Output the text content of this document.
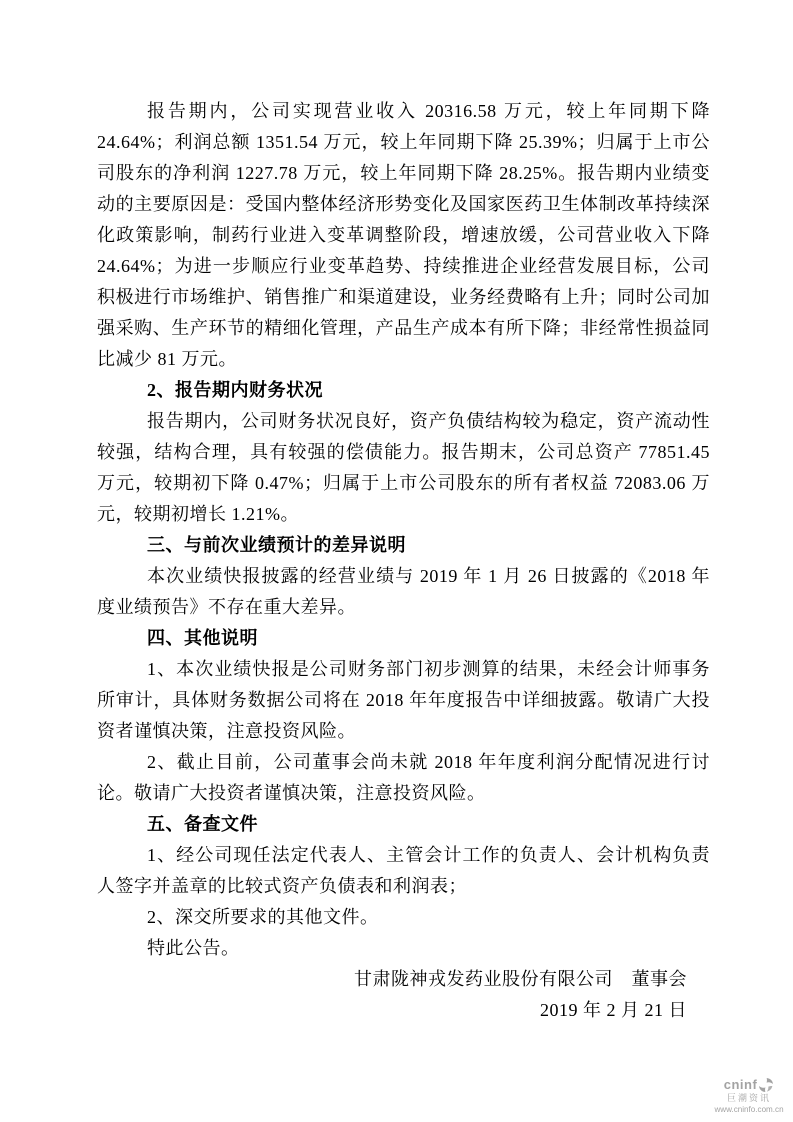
报告期内，公司实现营业收入 20316.58 万元，较上年同期下降 24.64%；利润总额 1351.54 万元，较上年同期下降 25.39%；归属于上市公司股东的净利润 1227.78 万元，较上年同期下降 28.25%。报告期内业绩变动的主要原因是：受国内整体经济形势变化及国家医药卫生体制改革持续深化政策影响，制药行业进入变革调整阶段，增速放缓，公司营业收入下降 24.64%；为进一步顺应行业变革趋势、持续推进企业经营发展目标，公司积极进行市场维护、销售推广和渠道建设，业务经费略有上升；同时公司加强采购、生产环节的精细化管理，产品生产成本有所下降；非经常性损益同比减少 81 万元。

2、报告期内财务状况

报告期内，公司财务状况良好，资产负债结构较为稳定，资产流动性较强，结构合理，具有较强的偿债能力。报告期末，公司总资产 77851.45 万元，较期初下降 0.47%；归属于上市公司股东的所有者权益 72083.06 万元，较期初增长 1.21%。

三、与前次业绩预计的差异说明

本次业绩快报披露的经营业绩与 2019 年 1 月 26 日披露的《2018 年度业绩预告》不存在重大差异。

四、其他说明

1、本次业绩快报是公司财务部门初步测算的结果，未经会计师事务所审计，具体财务数据公司将在 2018 年年度报告中详细披露。敬请广大投资者谨慎决策，注意投资风险。

2、截止目前，公司董事会尚未就 2018 年年度利润分配情况进行讨论。敬请广大投资者谨慎决策，注意投资风险。

五、备查文件

1、经公司现任法定代表人、主管会计工作的负责人、会计机构负责人签字并盖章的比较式资产负债表和利润表；

2、深交所要求的其他文件。

特此公告。

甘肃陇神戎发药业股份有限公司　董事会

2019 年 2 月 21 日

cninf
巨潮资讯
www.cninfo.com.cn
